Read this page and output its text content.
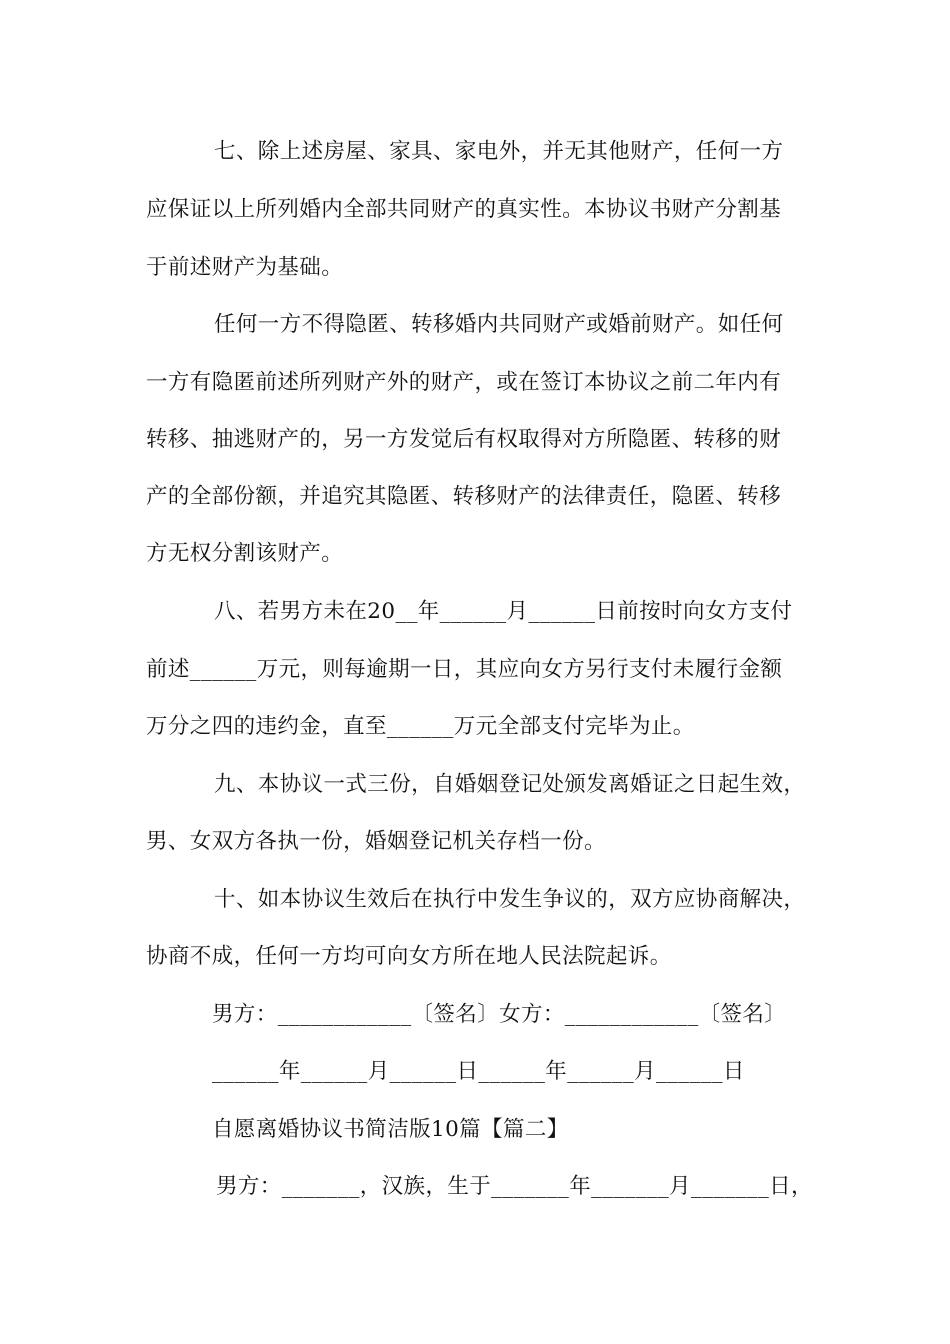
七、除上述房屋、家具、家电外，并无其他财产，任何一方
应保证以上所列婚内全部共同财产的真实性。本协议书财产分割基
于前述财产为基础。
任何一方不得隐匿、转移婚内共同财产或婚前财产。如任何
一方有隐匿前述所列财产外的财产，或在签订本协议之前二年内有
转移、抽逃财产的，另一方发觉后有权取得对方所隐匿、转移的财
产的全部份额，并追究其隐匿、转移财产的法律责任，隐匿、转移
方无权分割该财产。
八、若男方未在20__年______月______日前按时向女方支付
前述______万元，则每逾期一日，其应向女方另行支付未履行金额
万分之四的违约金，直至______万元全部支付完毕为止。
九、本协议一式三份，自婚姻登记处颁发离婚证之日起生效，
男、女双方各执一份，婚姻登记机关存档一份。
十、如本协议生效后在执行中发生争议的，双方应协商解决，
协商不成，任何一方均可向女方所在地人民法院起诉。
男方：____________〔签名〕女方：____________〔签名〕
______年______月______日______年______月______日
自愿离婚协议书简洁版10篇【篇二】
男方：_______，汉族，生于_______年_______月_______日，
